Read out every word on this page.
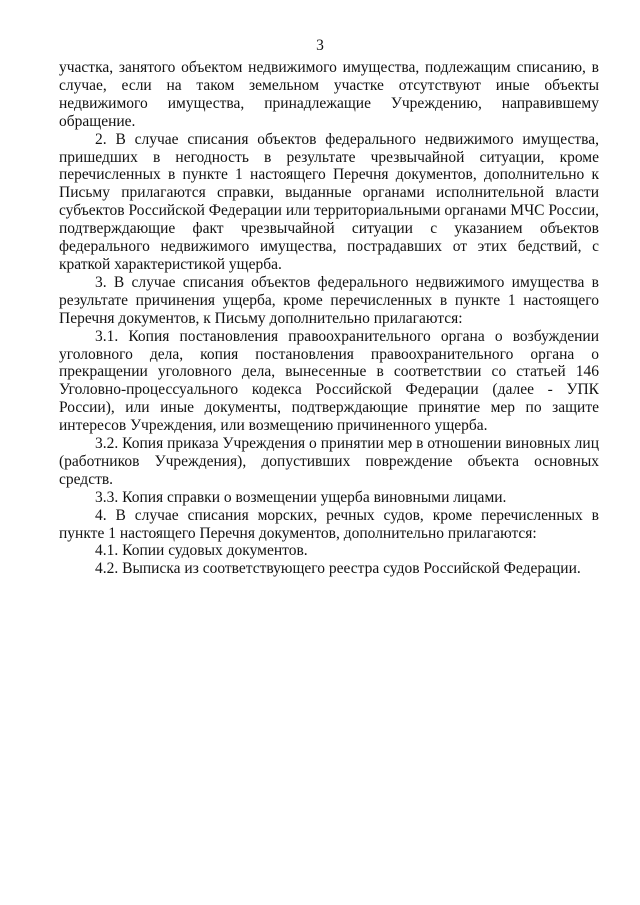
3

участка, занятого объектом недвижимого имущества, подлежащим списанию, в случае, если на таком земельном участке отсутствуют иные объекты недвижимого имущества, принадлежащие Учреждению, направившему обращение.

2. В случае списания объектов федерального недвижимого имущества, пришедших в негодность в результате чрезвычайной ситуации, кроме перечисленных в пункте 1 настоящего Перечня документов, дополнительно к Письму прилагаются справки, выданные органами исполнительной власти субъектов Российской Федерации или территориальными органами МЧС России, подтверждающие факт чрезвычайной ситуации с указанием объектов федерального недвижимого имущества, пострадавших от этих бедствий, с краткой характеристикой ущерба.

3. В случае списания объектов федерального недвижимого имущества в результате причинения ущерба, кроме перечисленных в пункте 1 настоящего Перечня документов, к Письму дополнительно прилагаются:

3.1. Копия постановления правоохранительного органа о возбуждении уголовного дела, копия постановления правоохранительного органа о прекращении уголовного дела, вынесенные в соответствии со статьей 146 Уголовно-процессуального кодекса Российской Федерации (далее - УПК России), или иные документы, подтверждающие принятие мер по защите интересов Учреждения, или возмещению причиненного ущерба.

3.2. Копия приказа Учреждения о принятии мер в отношении виновных лиц (работников Учреждения), допустивших повреждение объекта основных средств.

3.3. Копия справки о возмещении ущерба виновными лицами.

4. В случае списания морских, речных судов, кроме перечисленных в пункте 1 настоящего Перечня документов, дополнительно прилагаются:

4.1. Копии судовых документов.

4.2. Выписка из соответствующего реестра судов Российской Федерации.
